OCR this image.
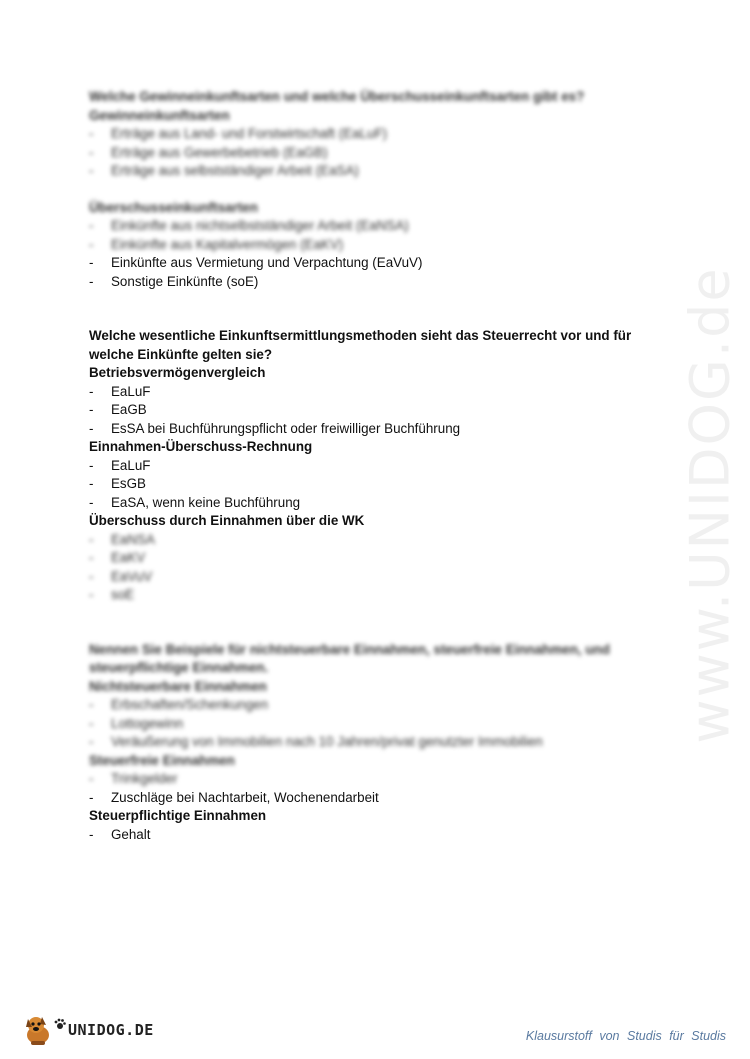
www.UNIDOG.de
Welche Gewinneinkunftsarten und welche Überschusseinkunftsarten gibt es?
Gewinneinkunftsarten
- Erträge aus Land- und Forstwirtschaft (EaLuF)
- Erträge aus Gewerbebetrieb (EaGB)
- Erträge aus selbstständiger Arbeit (EaSA)
Überschusseinkunftsarten
- Einkünfte aus nichtselbstständiger Arbeit (EaNSA)
- Einkünfte aus Kapitalvermögen (EaKV)
- Einkünfte aus Vermietung und Verpachtung (EaVuV)
- Sonstige Einkünfte (soE)
Welche wesentliche Einkunftsermittlungsmethoden sieht das Steuerrecht vor und für
welche Einkünfte gelten sie?
Betriebsvermögenvergleich
- EaLuF
- EaGB
- EsSA bei Buchführungspflicht oder freiwilliger Buchführung
Einnahmen-Überschuss-Rechnung
- EaLuF
- EsGB
- EaSA, wenn keine Buchführung
Überschuss durch Einnahmen über die WK
- EaNSA
- EaKV
- EaVuV
- soE
Nennen Sie Beispiele für nichtsteuerbare Einnahmen, steuerfreie Einnahmen, und
steuerpflichtige Einnahmen.
Nichtsteuerbare Einnahmen
- Erbschaften/Schenkungen
- Lottogewinn
- Veräußerung von Immobilien nach 10 Jahren/privat genutzter Immobilien
Steuerfreie Einnahmen
- Trinkgelder
- Zuschläge bei Nachtarbeit, Wochenendarbeit
Steuerpflichtige Einnahmen
- Gehalt
UNIDOG.DE	Klausurstoff von Studis für Studis
